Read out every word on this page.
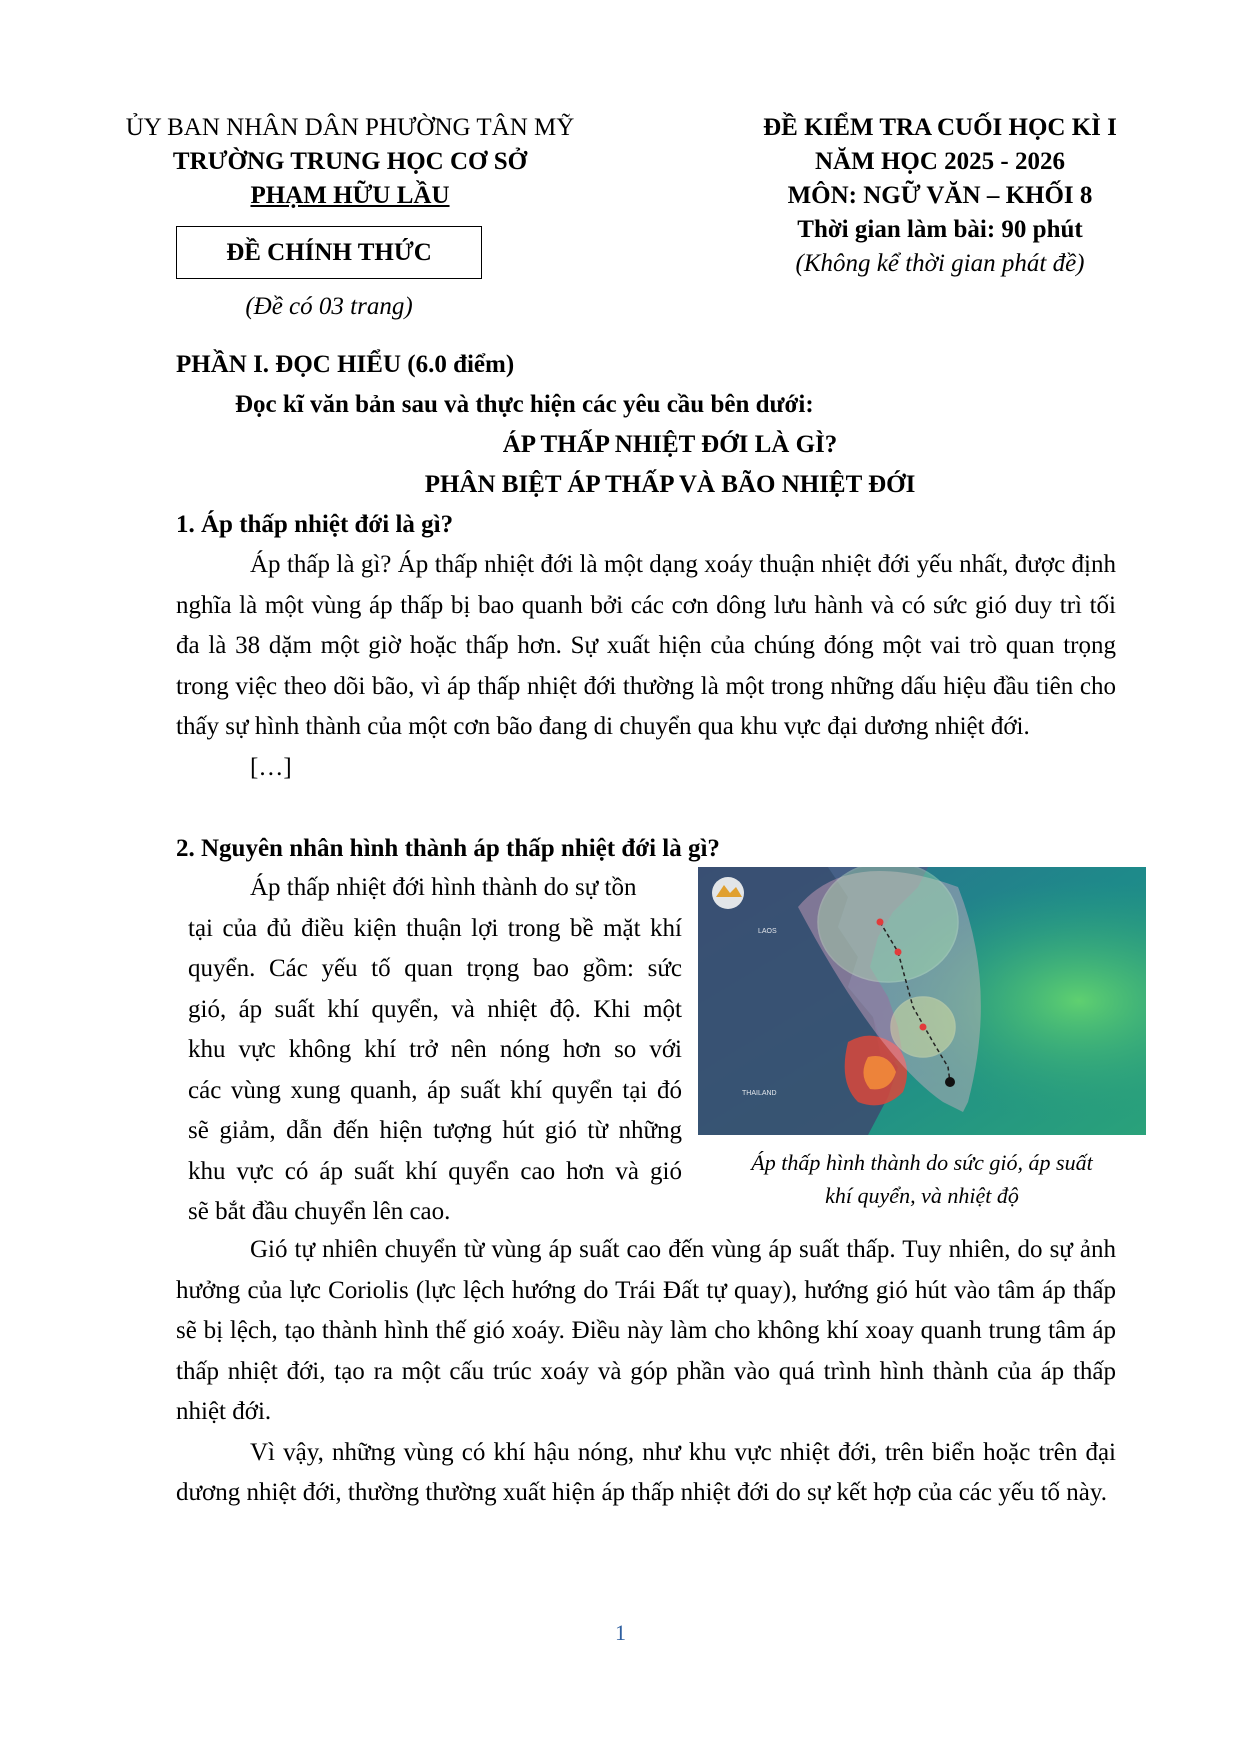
ỦY BAN NHÂN DÂN PHƯỜNG TÂN MỸ
TRƯỜNG TRUNG HỌC CƠ SỞ
PHẠM HỮU LẦU
ĐỀ CHÍNH THỨC
(Đề có 03 trang)
ĐỀ KIỂM TRA CUỐI HỌC KÌ I
NĂM HỌC 2025 - 2026
MÔN: NGỮ VĂN – KHỐI 8
Thời gian làm bài: 90 phút
(Không kể thời gian phát đề)
PHẦN I. ĐỌC HIỂU (6.0 điểm)
Đọc kĩ văn bản sau và thực hiện các yêu cầu bên dưới:
ÁP THẤP NHIỆT ĐỚI LÀ GÌ?
PHÂN BIỆT ÁP THẤP VÀ BÃO NHIỆT ĐỚI
1. Áp thấp nhiệt đới là gì?

Áp thấp là gì? Áp thấp nhiệt đới là một dạng xoáy thuận nhiệt đới yếu nhất, được định nghĩa là một vùng áp thấp bị bao quanh bởi các cơn dông lưu hành và có sức gió duy trì tối đa là 38 dặm một giờ hoặc thấp hơn. Sự xuất hiện của chúng đóng một vai trò quan trọng trong việc theo dõi bão, vì áp thấp nhiệt đới thường là một trong những dấu hiệu đầu tiên cho thấy sự hình thành của một cơn bão đang di chuyển qua khu vực đại dương nhiệt đới.

[…]

2. Nguyên nhân hình thành áp thấp nhiệt đới là gì?
Áp thấp nhiệt đới hình thành do sự tồn
tại của đủ điều kiện thuận lợi trong bề mặt khí
quyển. Các yếu tố quan trọng bao gồm: sức
gió, áp suất khí quyển, và nhiệt độ. Khi một
khu vực không khí trở nên nóng hơn so với
các vùng xung quanh, áp suất khí quyển tại đó
sẽ giảm, dẫn đến hiện tượng hút gió từ những
khu vực có áp suất khí quyển cao hơn và gió
sẽ bắt đầu chuyển lên cao.
LAOS
THAILAND
Áp thấp hình thành do sức gió, áp suất
khí quyển, và nhiệt độ

Gió tự nhiên chuyển từ vùng áp suất cao đến vùng áp suất thấp. Tuy nhiên, do sự ảnh hưởng của lực Coriolis (lực lệch hướng do Trái Đất tự quay), hướng gió hút vào tâm áp thấp sẽ bị lệch, tạo thành hình thế gió xoáy. Điều này làm cho không khí xoay quanh trung tâm áp thấp nhiệt đới, tạo ra một cấu trúc xoáy và góp phần vào quá trình hình thành của áp thấp nhiệt đới.

Vì vậy, những vùng có khí hậu nóng, như khu vực nhiệt đới, trên biển hoặc trên đại dương nhiệt đới, thường thường xuất hiện áp thấp nhiệt đới do sự kết hợp của các yếu tố này.

1
